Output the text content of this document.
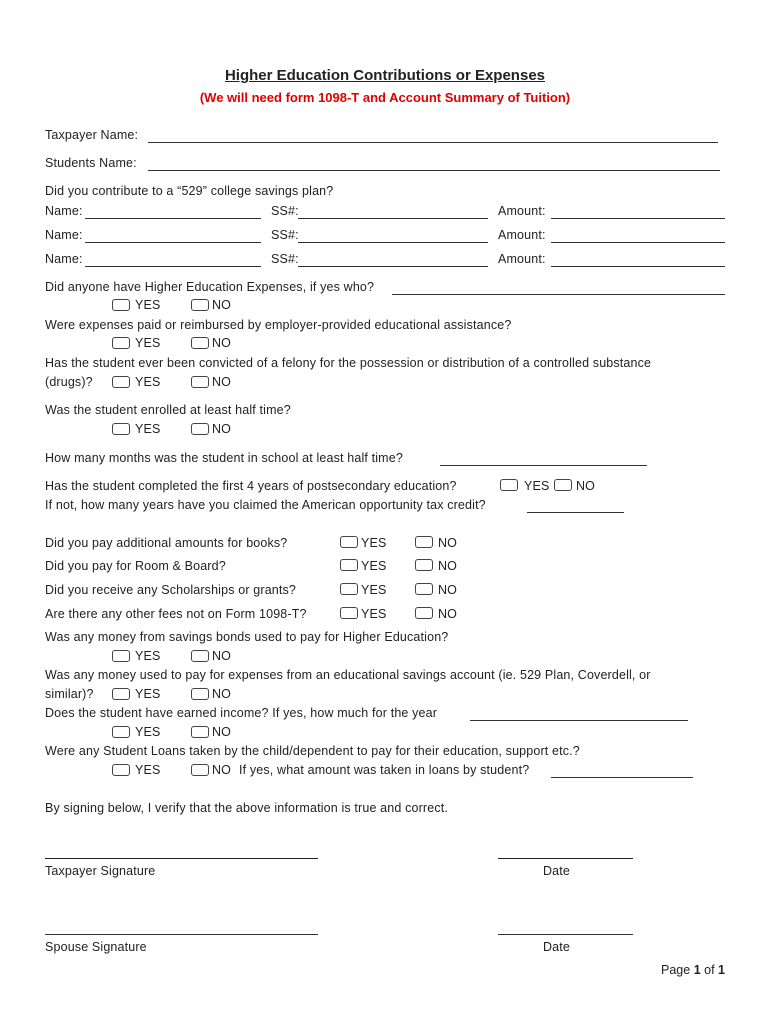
Higher Education Contributions or Expenses
(We will need form 1098-T and Account Summary of Tuition)
Taxpayer Name:
Students Name:
Did you contribute to a “529” college savings plan?
Name:	SS#:	Amount:
Name:	SS#:	Amount:
Name:	SS#:	Amount:
Did anyone have Higher Education Expenses, if yes who?
YES	NO
Were expenses paid or reimbursed by employer-provided educational assistance?
YES	NO
Has the student ever been convicted of a felony for the possession or distribution of a controlled substance
(drugs)?	YES	NO
Was the student enrolled at least half time?
YES	NO
How many months was the student in school at least half time?
Has the student completed the first 4 years of postsecondary education?	YES NO
If not, how many years have you claimed the American opportunity tax credit?
Did you pay additional amounts for books?	YES	NO
Did you pay for Room & Board?	YES	NO
Did you receive any Scholarships or grants?	YES	NO
Are there any other fees not on Form 1098-T?	YES	NO
Was any money from savings bonds used to pay for Higher Education?
YES	NO
Was any money used to pay for expenses from an educational savings account (ie. 529 Plan, Coverdell, or
similar)?	YES	NO
Does the student have earned income? If yes, how much for the year
YES	NO
Were any Student Loans taken by the child/dependent to pay for their education, support etc.?
YES	NO If yes, what amount was taken in loans by student?
By signing below, I verify that the above information is true and correct.
Taxpayer Signature	Date
Spouse Signature	Date
Page 1 of 1
